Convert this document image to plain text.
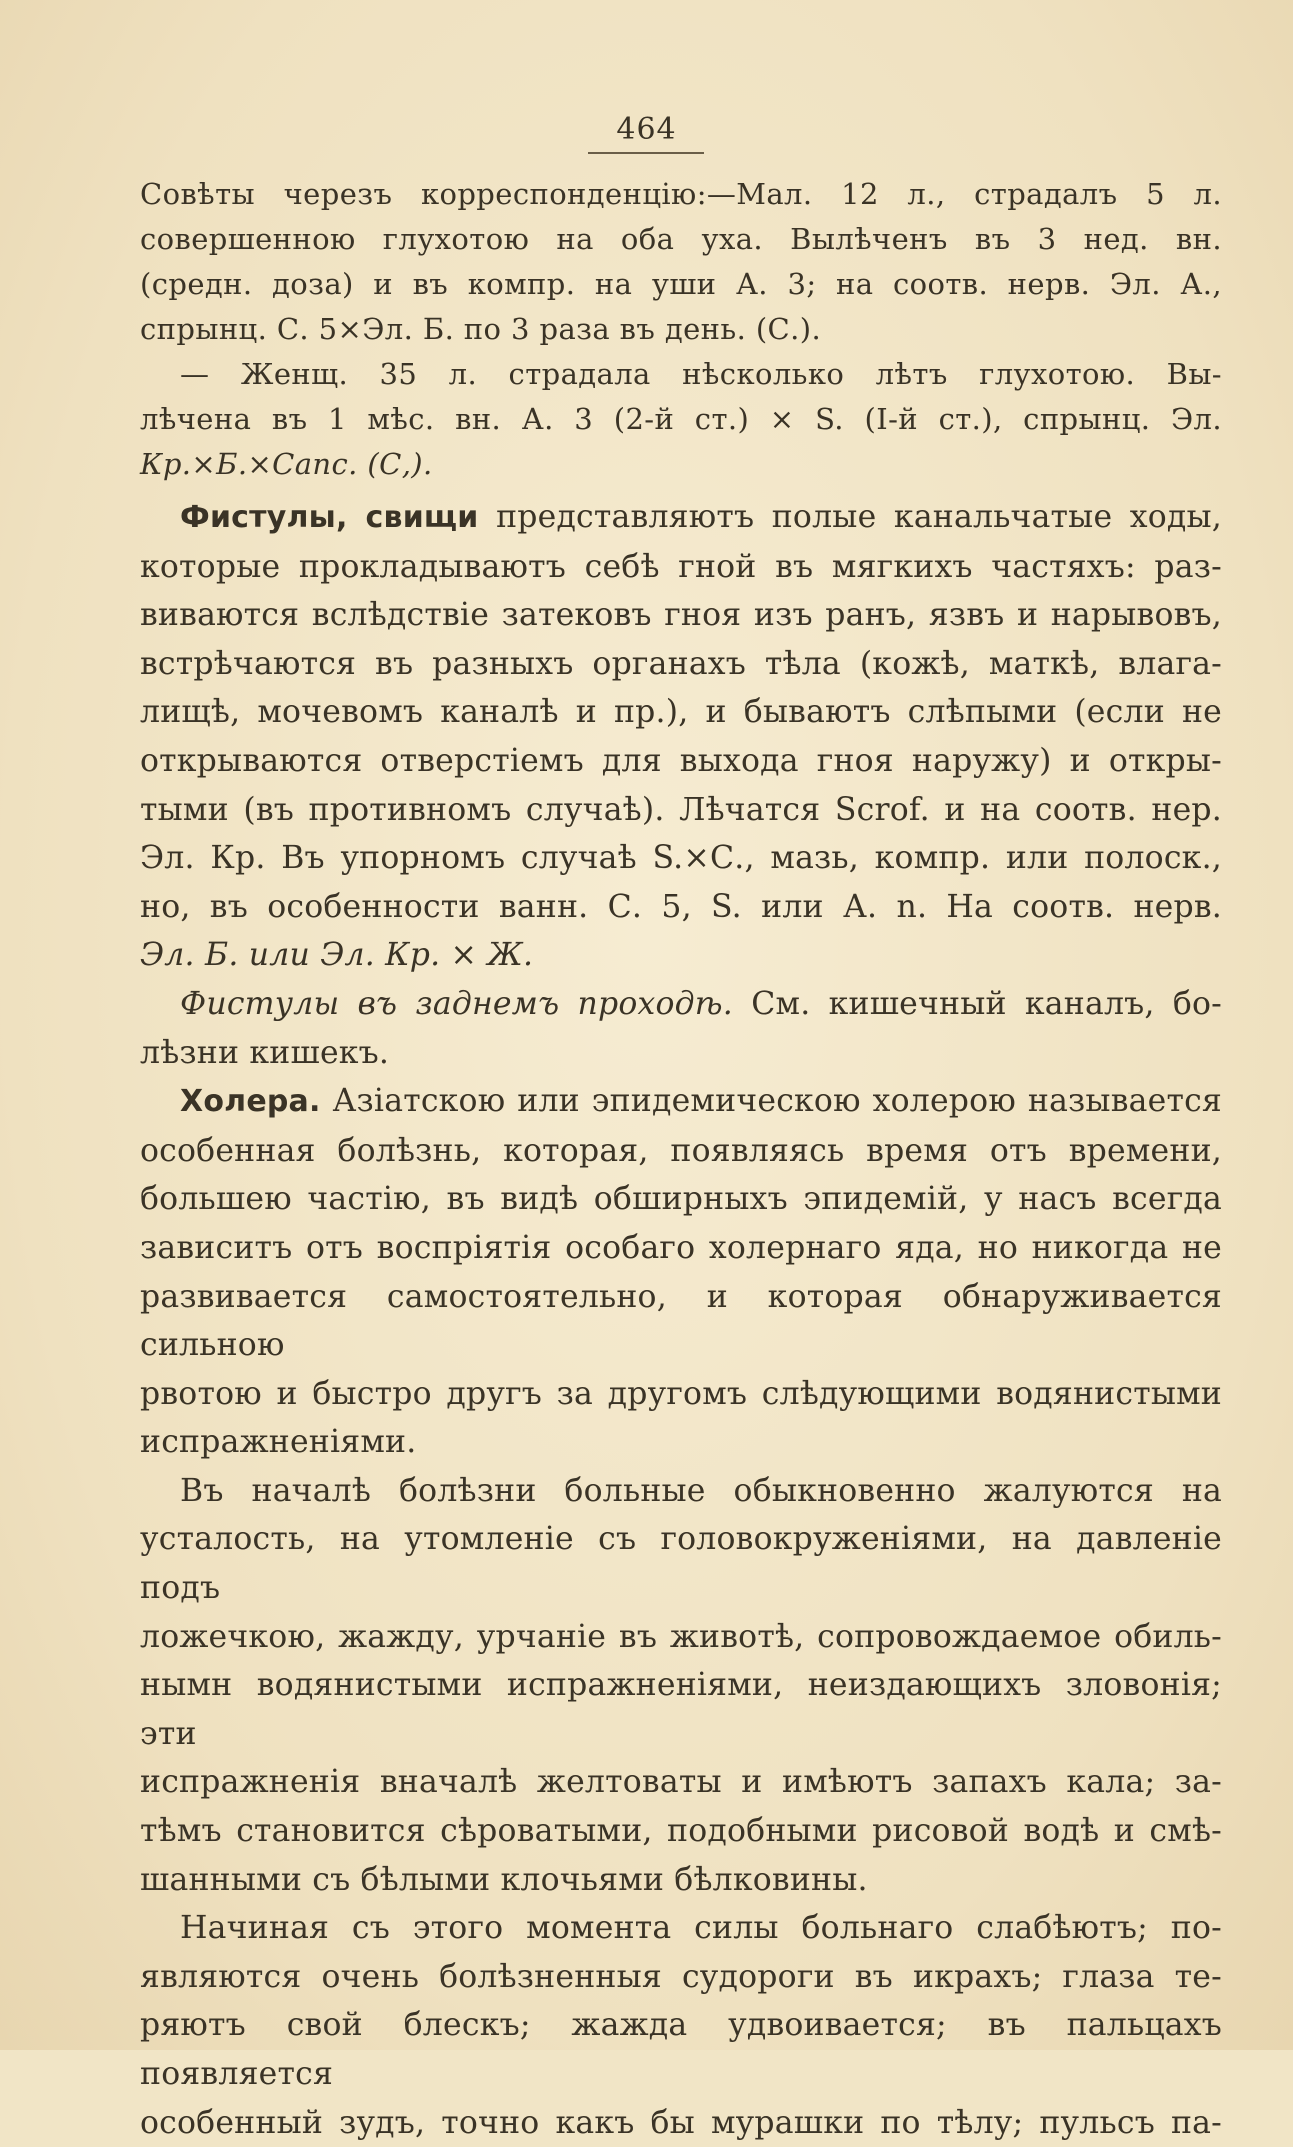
464

Совѣты черезъ корреспонденцію:—Мал. 12 л., страдалъ 5 л.
совершенною глухотою на оба уха. Вылѣченъ въ 3 нед. вн.
(средн. доза) и въ компр. на уши А. 3; на соотв. нерв. Эл. А.,

спрынц. С. 5×Эл. Б. по 3 раза въ день. (С.).

— Женщ. 35 л. страдала нѣсколько лѣтъ глухотою. Вы-

лѣчена въ 1 мѣс. вн. А. 3 (2-й ст.) × S. (I-й ст.), спрынц. Эл.

Кр.×Б.×Canc. (С,).

Фистулы, свищи представляютъ полые канальчатые ходы,

которые прокладываютъ себѣ гной въ мягкихъ частяхъ: раз-
виваются вслѣдствіе затековъ гноя изъ ранъ, язвъ и нарывовъ,
встрѣчаются въ разныхъ органахъ тѣла (кожѣ, маткѣ, влага-
лищѣ, мочевомъ каналѣ и пр.), и бываютъ слѣпыми (если не
открываются отверстіемъ для выхода гноя наружу) и откры-
тыми (въ противномъ случаѣ). Лѣчатся Scrof. и на соотв. нер.
Эл. Кр. Въ упорномъ случаѣ S.×С., мазь, компр. или полоск.,
но, въ особенности ванн. С. 5, S. или А. n. На соотв. нерв.

Эл. Б. или Эл. Кр. × Ж.

Фистулы въ заднемъ проходѣ. См. кишечный каналъ, бо-

лѣзни кишекъ.

Холера. Азіатскою или эпидемическою холерою называется

особенная болѣзнь, которая, появляясь время отъ времени,
большею частію, въ видѣ обширныхъ эпидемій, у насъ всегда
зависитъ отъ воспріятія особаго холернаго яда, но никогда не
развивается самостоятельно, и которая обнаруживается сильною
рвотою и быстро другъ за другомъ слѣдующими водянистыми

испражненіями.

Въ началѣ болѣзни больные обыкновенно жалуются на

усталость, на утомленіе съ головокруженіями, на давленіе подъ
ложечкою, жажду, урчаніе въ животѣ, сопровождаемое обиль-
нымн водянистыми испражненіями, неиздающихъ зловонія; эти
испражненія вначалѣ желтоваты и имѣютъ запахъ кала; за-
тѣмъ становится сѣроватыми, подобными рисовой водѣ и смѣ-

шанными съ бѣлыми клочьями бѣлковины.

Начиная съ этого момента силы больнаго слабѣютъ; по-

являются очень болѣзненныя судороги въ икрахъ; глаза те-
ряютъ свой блескъ; жажда удвоивается; въ пальцахъ появляется
особенный зудъ, точно какъ бы мурашки по тѣлу; пульсъ па-
